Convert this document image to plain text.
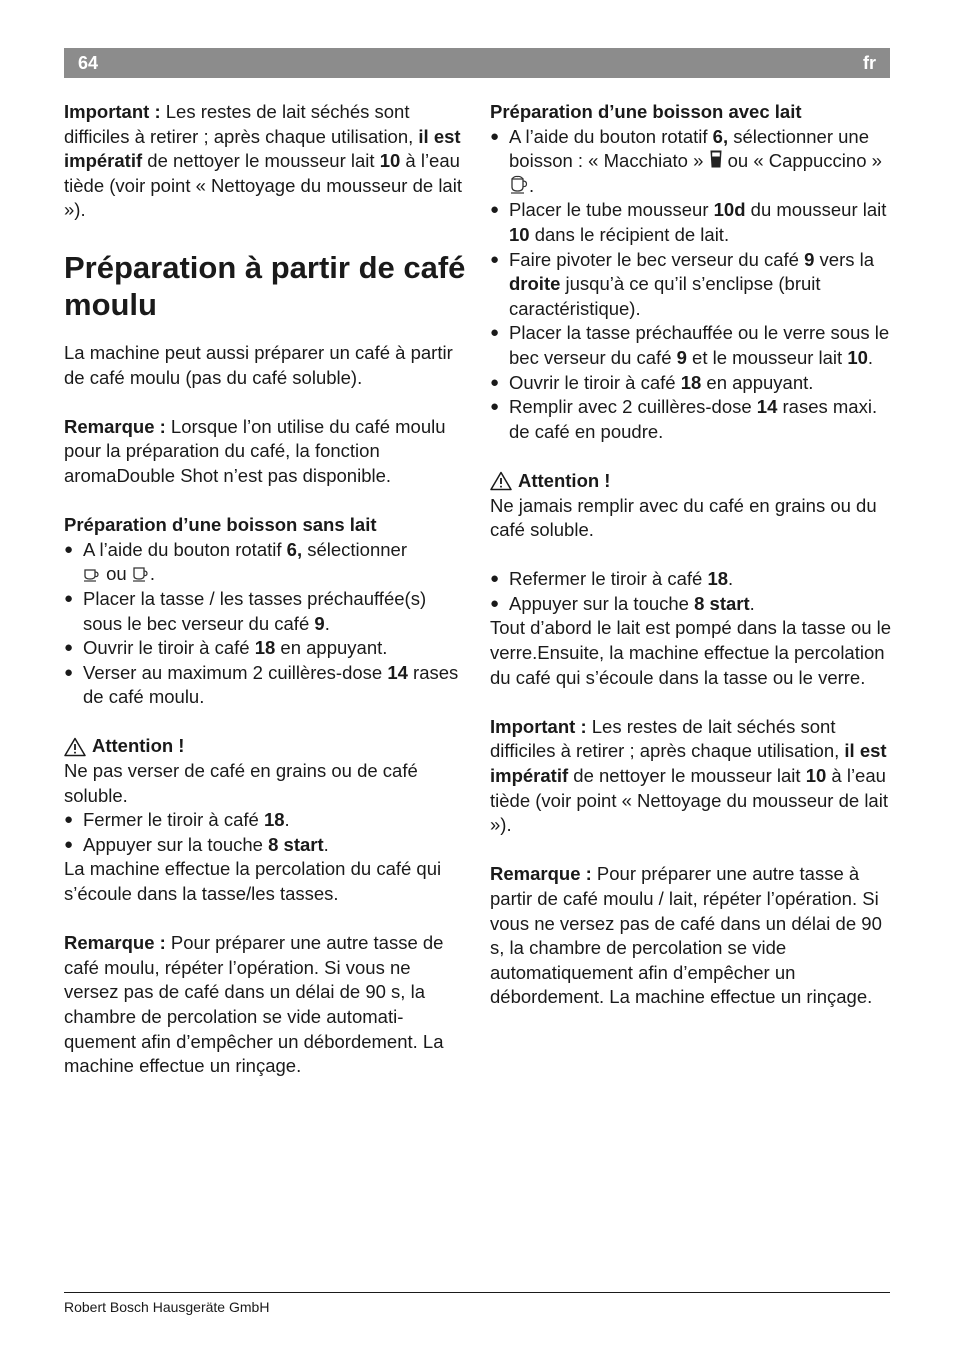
64	fr

Important : Les restes de lait séchés sont difficiles à retirer ; après chaque utilisation, il est impératif de nettoyer le mousseur lait 10 à l’eau tiède (voir point « Nettoyage du mousseur de lait »).

Préparation à partir de café moulu

La machine peut aussi préparer un café à partir de café moulu (pas du café soluble).

Remarque : Lorsque l’on utilise du café moulu pour la préparation du café, la fonction aromaDouble Shot n’est pas disponible.

Préparation d’une boisson sans lait

● A l’aide du bouton rotatif 6, sélectionner
ou .
● Placer la tasse / les tasses préchauffée(s) sous le bec verseur du café 9.
● Ouvrir le tiroir à café 18 en appuyant.
● Verser au maximum 2 cuillères-dose 14 rases de café moulu.

Attention !

Ne pas verser de café en grains ou de café soluble.

● Fermer le tiroir à café 18.
● Appuyer sur la touche 8 start.

La machine effectue la percolation du café qui s’écoule dans la tasse/les tasses.

Remarque : Pour préparer une autre tasse de café moulu, répéter l’opération. Si vous ne versez pas de café dans un délai de 90 s, la chambre de percolation se vide automatiquement afin d’empêcher un débordement. La machine effectue un rinçage.

Préparation d’une boisson avec lait

● A l’aide du bouton rotatif 6, sélectionner une boisson : « Macchiato »  ou « Cappuccino » .
● Placer le tube mousseur 10d du mousseur lait 10 dans le récipient de lait.
● Faire pivoter le bec verseur du café 9 vers la droite jusqu’à ce qu’il s’enclipse (bruit caractéristique).
● Placer la tasse préchauffée ou le verre sous le bec verseur du café 9 et le mousseur lait 10.
● Ouvrir le tiroir à café 18 en appuyant.
● Remplir avec 2 cuillères-dose 14 rases maxi. de café en poudre.

Attention !

Ne jamais remplir avec du café en grains ou du café soluble.

● Refermer le tiroir à café 18.
● Appuyer sur la touche 8 start.

Tout d’abord le lait est pompé dans la tasse ou le verre.Ensuite, la machine effectue la percolation du café qui s’écoule dans la tasse ou le verre.

Important : Les restes de lait séchés sont difficiles à retirer ; après chaque utilisation, il est impératif de nettoyer le mousseur lait 10 à l’eau tiède (voir point « Nettoyage du mousseur de lait »).

Remarque : Pour préparer une autre tasse à partir de café moulu / lait, répéter l’opération. Si vous ne versez pas de café dans un délai de 90 s, la chambre de percolation se vide automatiquement afin d’empêcher un débordement. La machine effectue un rinçage.

Robert Bosch Hausgeräte GmbH
